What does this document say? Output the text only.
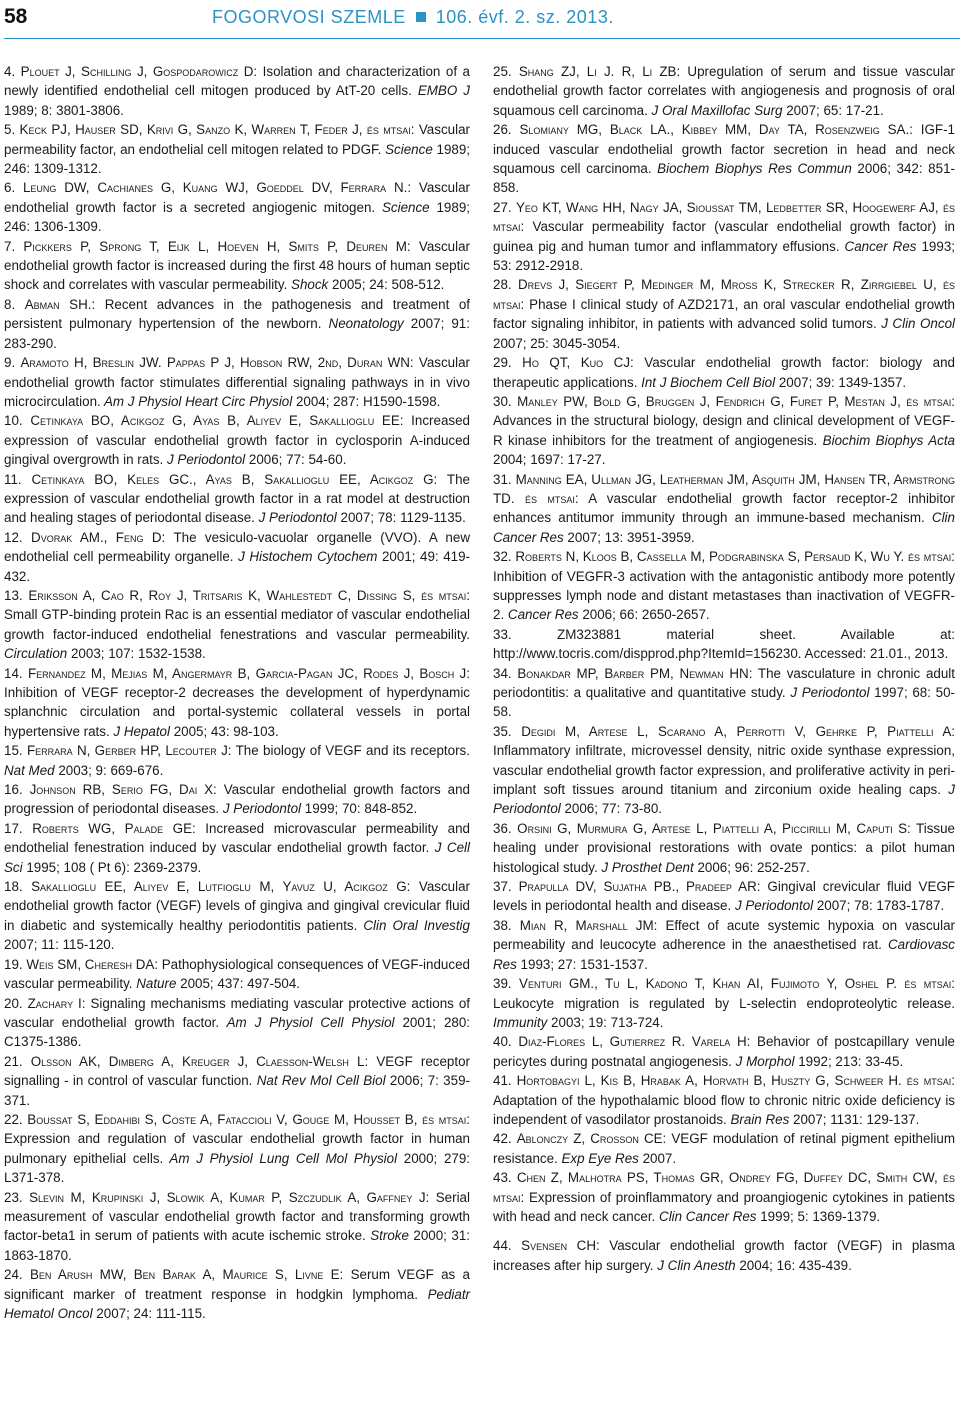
58	FOGORVOSI SZEMLE 106. évf. 2. sz. 2013.

4. Plouet J, Schilling J, Gospodarowicz D: Isolation and characterization of a newly identified endothelial cell mitogen produced by AtT-20 cells. EMBO J 1989; 8: 3801-3806.

5. Keck PJ, Hauser SD, Krivi G, Sanzo K, Warren T, Feder J, és mtsai: Vascular permeability factor, an endothelial cell mitogen related to PDGF. Science 1989; 246: 1309-1312.

6. Leung DW, Cachianes G, Kuang WJ, Goeddel DV, Ferrara N.: Vascular endothelial growth factor is a secreted angiogenic mitogen. Science 1989; 246: 1306-1309.

7. Pickkers P, Sprong T, Eijk L, Hoeven H, Smits P, Deuren M: Vascular endothelial growth factor is increased during the first 48 hours of human septic shock and correlates with vascular permeability. Shock 2005; 24: 508-512.

8. Abman SH.: Recent advances in the pathogenesis and treatment of persistent pulmonary hypertension of the newborn. Neonatology 2007; 91: 283-290.

9. Aramoto H, Breslin JW. Pappas P J, Hobson RW, 2nd, Duran WN: Vascular endothelial growth factor stimulates differential signaling pathways in in vivo microcirculation. Am J Physiol Heart Circ Physiol 2004; 287: H1590-1598.

10. Cetinkaya BO, Acikgoz G, Ayas B, Aliyev E, Sakallioglu EE: Increased expression of vascular endothelial growth factor in cyclosporin A-induced gingival overgrowth in rats. J Periodontol 2006; 77: 54-60.

11. Cetinkaya BO, Keles GC., Ayas B, Sakallioglu EE, Acikgoz G: The expression of vascular endothelial growth factor in a rat model at destruction and healing stages of periodontal disease. J Periodontol 2007; 78: 1129-1135.

12. Dvorak AM., Feng D: The vesiculo-vacuolar organelle (VVO). A new endothelial cell permeability organelle. J Histochem Cytochem 2001; 49: 419-432.

13. Eriksson A, Cao R, Roy J, Tritsaris K, Wahlestedt C, Dissing S, és mtsai: Small GTP-binding protein Rac is an essential mediator of vascular endothelial growth factor-induced endothelial fenestrations and vascular permeability. Circulation 2003; 107: 1532-1538.

14. Fernandez M, Mejias M, Angermayr B, Garcia-Pagan JC, Rodes J, Bosch J: Inhibition of VEGF receptor-2 decreases the development of hyperdynamic splanchnic circulation and portal-systemic collateral vessels in portal hypertensive rats. J Hepatol 2005; 43: 98-103.

15. Ferrara N, Gerber HP, Lecouter J: The biology of VEGF and its receptors. Nat Med 2003; 9: 669-676.

16. Johnson RB, Serio FG, Dai X: Vascular endothelial growth factors and progression of periodontal diseases. J Periodontol 1999; 70: 848-852.

17. Roberts WG, Palade GE: Increased microvascular permeability and endothelial fenestration induced by vascular endothelial growth factor. J Cell Sci 1995; 108 ( Pt 6): 2369-2379.

18. Sakallioglu EE, Aliyev E, Lutfioglu M, Yavuz U, Acikgoz G: Vascular endothelial growth factor (VEGF) levels of gingiva and gingival crevicular fluid in diabetic and systemically healthy periodontitis patients. Clin Oral Investig 2007; 11: 115-120.

19. Weis SM, Cheresh DA: Pathophysiological consequences of VEGF-induced vascular permeability. Nature 2005; 437: 497-504.

20. Zachary I: Signaling mechanisms mediating vascular protective actions of vascular endothelial growth factor. Am J Physiol Cell Physiol 2001; 280: C1375-1386.

21. Olsson AK, Dimberg A, Kreuger J, Claesson-Welsh L: VEGF receptor signalling - in control of vascular function. Nat Rev Mol Cell Biol 2006; 7: 359-371.

22. Boussat S, Eddahibi S, Coste A, Fataccioli V, Gouge M, Housset B, és mtsai: Expression and regulation of vascular endothelial growth factor in human pulmonary epithelial cells. Am J Physiol Lung Cell Mol Physiol 2000; 279: L371-378.

23. Slevin M, Krupinski J, Slowik A, Kumar P, Szczudlik A, Gaffney J: Serial measurement of vascular endothelial growth factor and transforming growth factor-beta1 in serum of patients with acute ischemic stroke. Stroke 2000; 31: 1863-1870.

24. Ben Arush MW, Ben Barak A, Maurice S, Livne E: Serum VEGF as a significant marker of treatment response in hodgkin lymphoma. Pediatr Hematol Oncol 2007; 24: 111-115.

25. Shang ZJ, Li J. R, Li ZB: Upregulation of serum and tissue vascular endothelial growth factor correlates with angiogenesis and prognosis of oral squamous cell carcinoma. J Oral Maxillofac Surg 2007; 65: 17-21.

26. Slomiany MG, Black LA., Kibbey MM, Day TA, Rosenzweig SA.: IGF-1 induced vascular endothelial growth factor secretion in head and neck squamous cell carcinoma. Biochem Biophys Res Commun 2006; 342: 851-858.

27. Yeo KT, Wang HH, Nagy JA, Sioussat TM, Ledbetter SR, Hoogewerf AJ, és mtsai: Vascular permeability factor (vascular endothelial growth factor) in guinea pig and human tumor and inflammatory effusions. Cancer Res 1993; 53: 2912-2918.

28. Drevs J, Siegert P, Medinger M, Mross K, Strecker R, Zirrgiebel U, és mtsai: Phase I clinical study of AZD2171, an oral vascular endothelial growth factor signaling inhibitor, in patients with advanced solid tumors. J Clin Oncol 2007; 25: 3045-3054.

29. Ho QT, Kuo CJ: Vascular endothelial growth factor: biology and therapeutic applications. Int J Biochem Cell Biol 2007; 39: 1349-1357.

30. Manley PW, Bold G, Bruggen J, Fendrich G, Furet P, Mestan J, és mtsai: Advances in the structural biology, design and clinical development of VEGF-R kinase inhibitors for the treatment of angiogenesis. Biochim Biophys Acta 2004; 1697: 17-27.

31. Manning EA, Ullman JG, Leatherman JM, Asquith JM, Hansen TR, Armstrong TD. és mtsai: A vascular endothelial growth factor receptor-2 inhibitor enhances antitumor immunity through an immune-based mechanism. Clin Cancer Res 2007; 13: 3951-3959.

32. Roberts N, Kloos B, Cassella M, Podgrabinska S, Persaud K, Wu Y. és mtsai: Inhibition of VEGFR-3 activation with the antagonistic antibody more potently suppresses lymph node and distant metastases than inactivation of VEGFR-2. Cancer Res 2006; 66: 2650-2657.

33.	ZM323881 material sheet. Available at: http://www.tocris.com/dispprod.php?ItemId=156230. Accessed: 21.01., 2013.

34. Bonakdar MP, Barber PM, Newman HN: The vasculature in chronic adult periodontitis: a qualitative and quantitative study. J Periodontol 1997; 68: 50-58.

35. Degidi M, Artese L, Scarano A, Perrotti V, Gehrke P, Piattelli A: Inflammatory infiltrate, microvessel density, nitric oxide synthase expression, vascular endothelial growth factor expression, and proliferative activity in peri-implant soft tissues around titanium and zirconium oxide healing caps. J Periodontol 2006; 77: 73-80.

36. Orsini G, Murmura G, Artese L, Piattelli A, Piccirilli M, Caputi S: Tissue healing under provisional restorations with ovate pontics: a pilot human histological study. J Prosthet Dent 2006; 96: 252-257.

37. Prapulla DV, Sujatha PB., Pradeep AR: Gingival crevicular fluid VEGF levels in periodontal health and disease. J Periodontol 2007; 78: 1783-1787.

38. Mian R, Marshall JM: Effect of acute systemic hypoxia on vascular permeability and leucocyte adherence in the anaesthetised rat. Cardiovasc Res 1993; 27: 1531-1537.

39. Venturi GM., Tu L, Kadono T, Khan AI, Fujimoto Y, Oshel P. és mtsai: Leukocyte migration is regulated by L-selectin endoproteolytic release. Immunity 2003; 19: 713-724.

40. Diaz-Flores L, Gutierrez R. Varela H: Behavior of postcapillary venule pericytes during postnatal angiogenesis. J Morphol 1992; 213: 33-45.

41. Hortobagyi L, Kis B, Hrabak A, Horvath B, Huszty G, Schweer H. és mtsai: Adaptation of the hypothalamic blood flow to chronic nitric oxide deficiency is independent of vasodilator prostanoids. Brain Res 2007; 1131: 129-137.

42. Ablonczy Z, Crosson CE: VEGF modulation of retinal pigment epithelium resistance. Exp Eye Res 2007.

43. Chen Z, Malhotra PS, Thomas GR, Ondrey FG, Duffey DC, Smith CW, és mtsai: Expression of proinflammatory and proangiogenic cytokines in patients with head and neck cancer. Clin Cancer Res 1999; 5: 1369-1379.

44. Svensen CH: Vascular endothelial growth factor (VEGF) in plasma increases after hip surgery. J Clin Anesth 2004; 16: 435-439.
